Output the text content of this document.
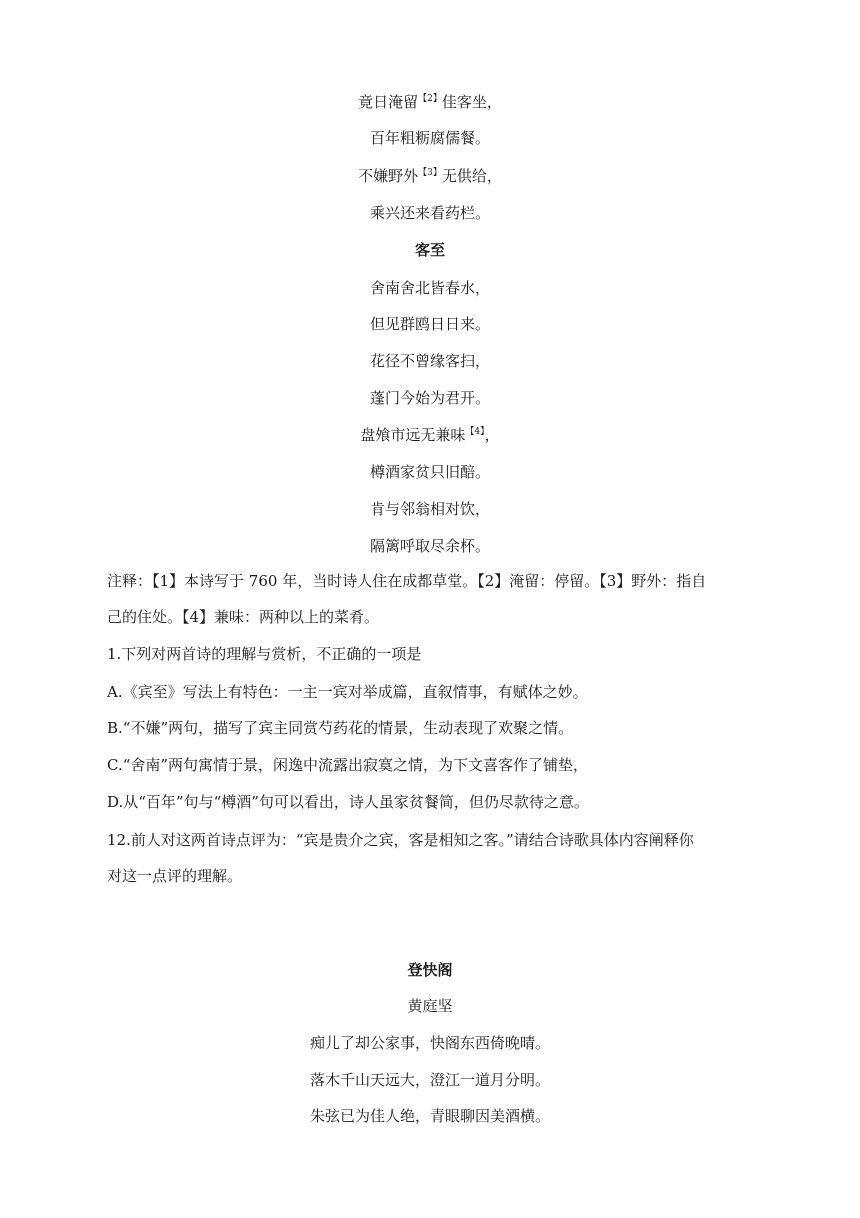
竟日淹留$^{【2】}$佳客坐，
百年粗粝腐儒餐。
不嫌野外$^{【3】}$无供给，
乘兴还来看药栏。
客至
舍南舍北皆春水，
但见群鸥日日来。
花径不曾缘客扫，
蓬门今始为君开。
盘飧市远无兼味$^{【4】}$，
樽酒家贫只旧醅。
肯与邻翁相对饮，
隔篱呼取尽余杯。
注释：【1】本诗写于 760 年，当时诗人住在成都草堂。【2】淹留：停留。【3】野外：指自
己的住处。【4】兼味：两种以上的菜肴。
1.下列对两首诗的理解与赏析，不正确的一项是
A.《宾至》写法上有特色：一主一宾对举成篇，直叙情事，有赋体之妙。
B.“不嫌”两句，描写了宾主同赏芍药花的情景，生动表现了欢聚之情。
C.“舍南”两句寓情于景，闲逸中流露出寂寞之情，为下文喜客作了铺垫，
D.从“百年”句与“樽酒”句可以看出，诗人虽家贫餐简，但仍尽款待之意。
12.前人对这两首诗点评为：“宾是贵介之宾，客是相知之客。”请结合诗歌具体内容阐释你
对这一点评的理解。
登快阁
黄庭坚
痴儿了却公家事，快阁东西倚晚晴。
落木千山天远大，澄江一道月分明。
朱弦已为佳人绝，青眼聊因美酒横。
